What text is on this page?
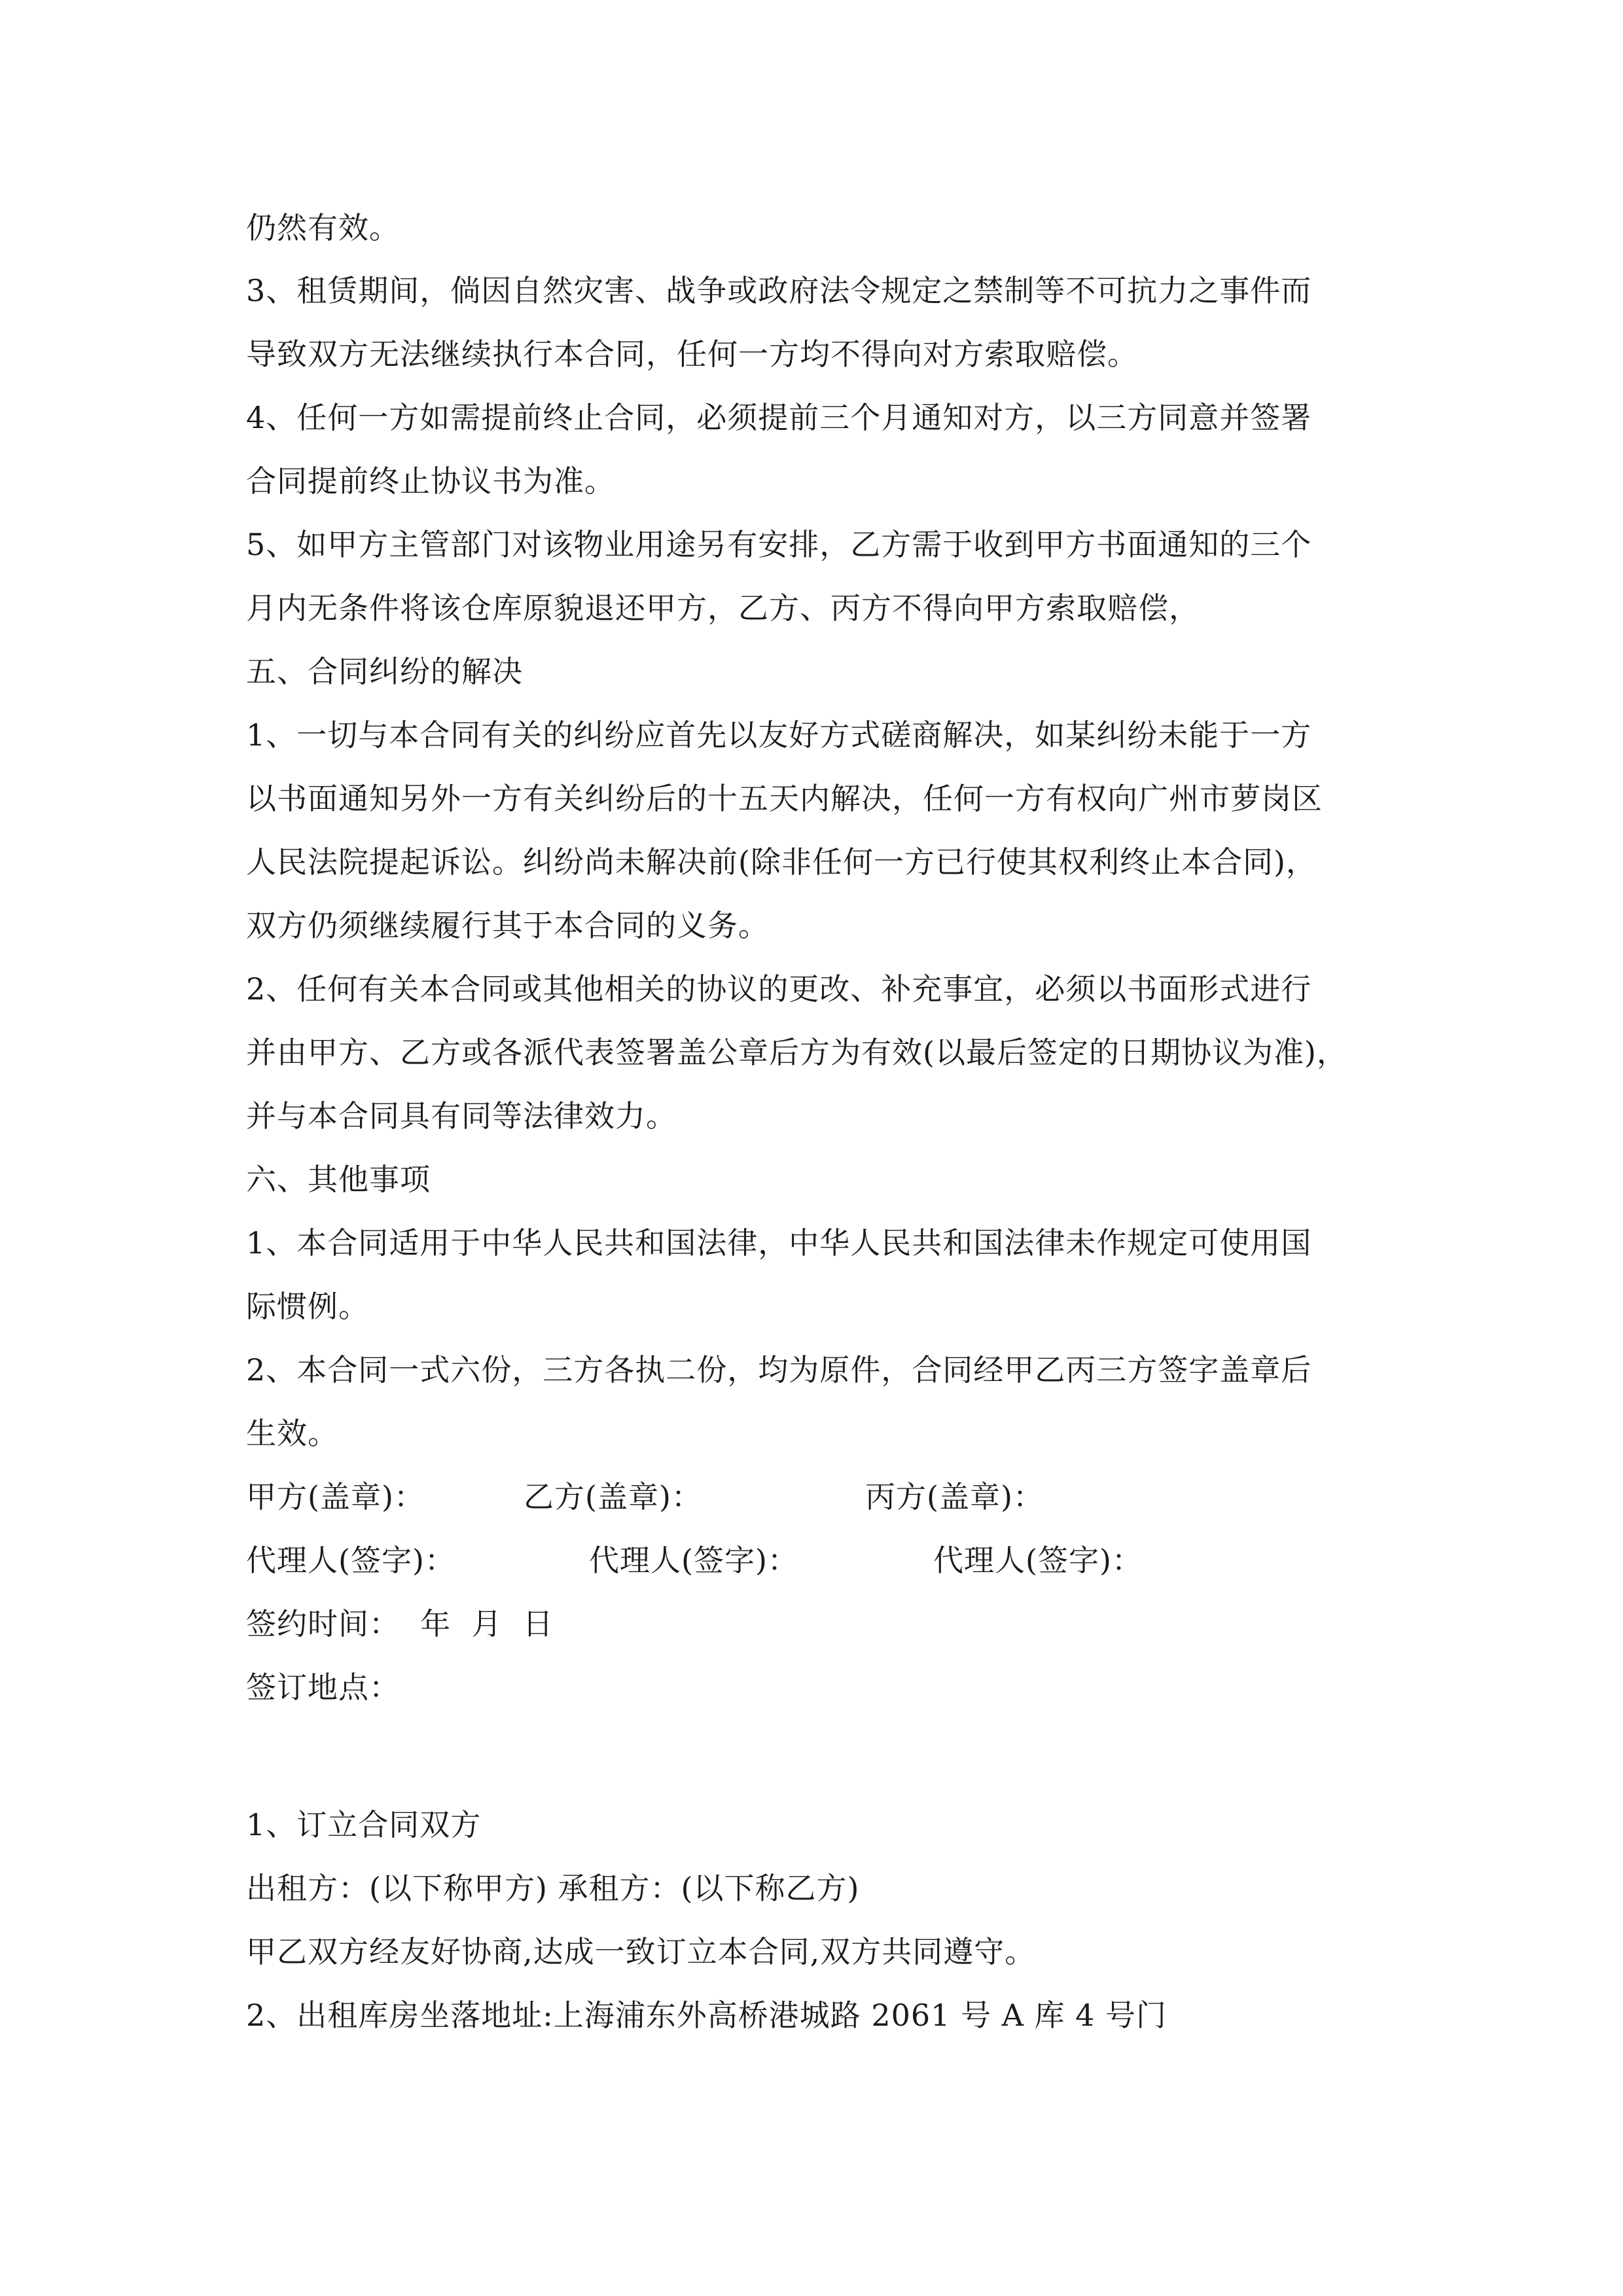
仍然有效。
3、租赁期间，倘因自然灾害、战争或政府法令规定之禁制等不可抗力之事件而
导致双方无法继续执行本合同，任何一方均不得向对方索取赔偿。
4、任何一方如需提前终止合同，必须提前三个月通知对方，以三方同意并签署
合同提前终止协议书为准。
5、如甲方主管部门对该物业用途另有安排，乙方需于收到甲方书面通知的三个
月内无条件将该仓库原貌退还甲方，乙方、丙方不得向甲方索取赔偿，
五、合同纠纷的解决
1、一切与本合同有关的纠纷应首先以友好方式磋商解决，如某纠纷未能于一方
以书面通知另外一方有关纠纷后的十五天内解决，任何一方有权向广州市萝岗区
人民法院提起诉讼。纠纷尚未解决前(除非任何一方已行使其权利终止本合同)，
双方仍须继续履行其于本合同的义务。
2、任何有关本合同或其他相关的协议的更改、补充事宜，必须以书面形式进行
并由甲方、乙方或各派代表签署盖公章后方为有效(以最后签定的日期协议为准)，
并与本合同具有同等法律效力。
六、其他事项
1、本合同适用于中华人民共和国法律，中华人民共和国法律未作规定可使用国
际惯例。
2、本合同一式六份，三方各执二份，均为原件，合同经甲乙丙三方签字盖章后
生效。
甲方(盖章)：	乙方(盖章)：	丙方(盖章)：
代理人(签字)：	代理人(签字)：	代理人(签字)：
签约时间：  年  月  日
签订地点：
1、订立合同双方
出租方：(以下称甲方) 承租方：(以下称乙方)
甲乙双方经友好协商,达成一致订立本合同,双方共同遵守。
2、出租库房坐落地址:上海浦东外高桥港城路 2061 号 A 库 4 号门
